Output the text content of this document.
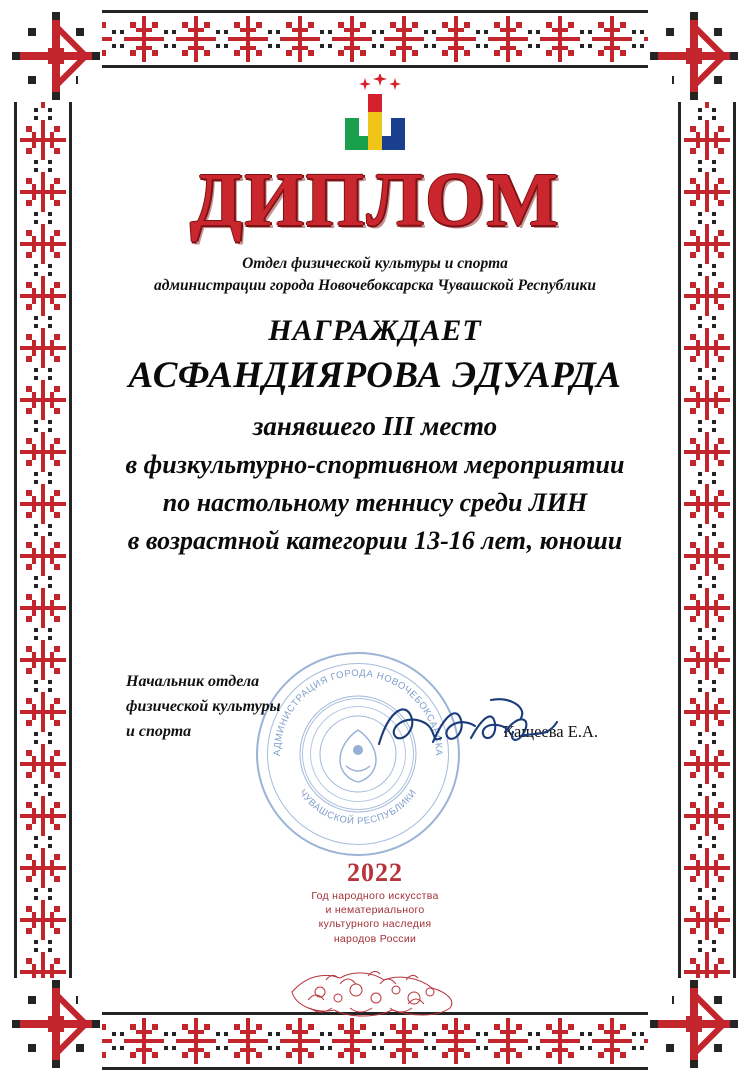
ДИПЛОМ
Отдел физической культуры и спорта
администрации города Новочебоксарска Чувашской Республики
НАГРАЖДАЕТ
АСФАНДИЯРОВА ЭДУАРДА
занявшего III место
в физкультурно-спортивном мероприятии
по настольному теннису среди ЛИН
в возрастной категории 13-16 лет, юноши
Начальник отдела
физической культуры
и спорта	Кащеева Е.А.
АДМИНИСТРАЦИЯ ГОРОДА НОВОЧЕБОКСАРСКА
ЧУВАШСКОЙ РЕСПУБЛИКИ
2022
Год народного искусства
и нематериального
культурного наследия
народов России
